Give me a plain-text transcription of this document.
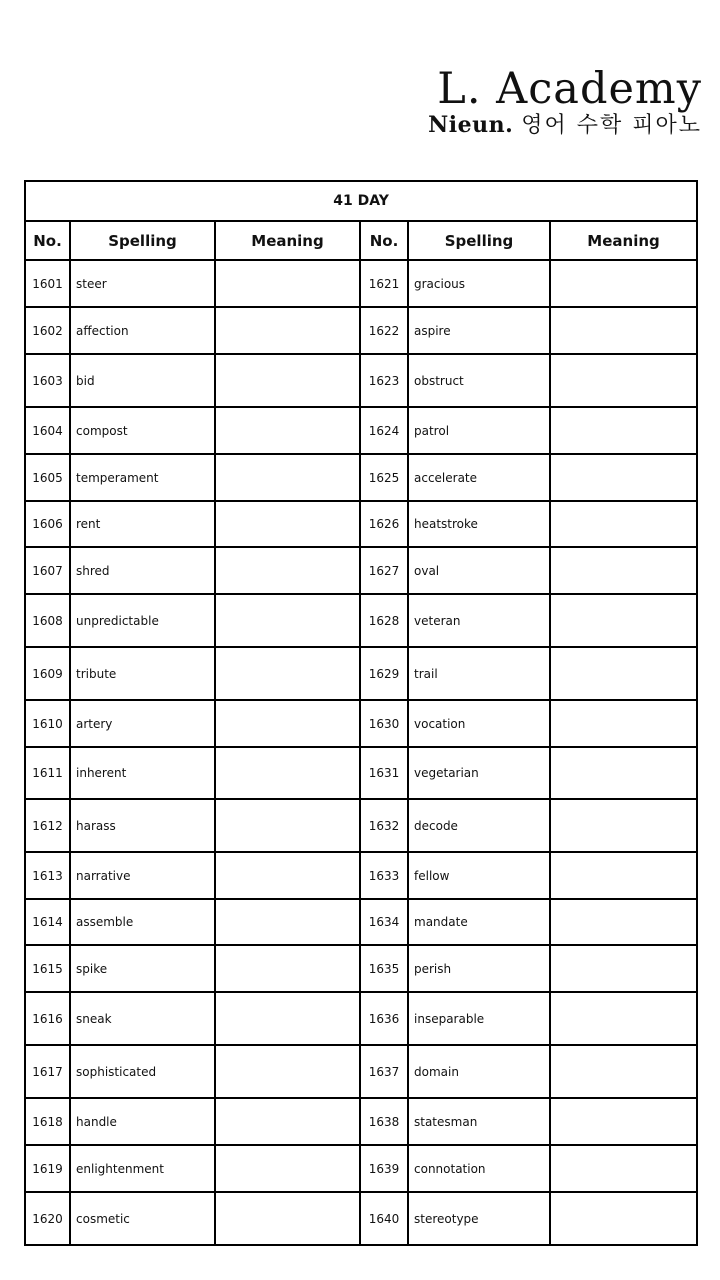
L. Academy
Nieun. 영어 수학 피아노
41 DAY					
No.	Spelling	Meaning	No.	Spelling	Meaning
1601	steer		1621	gracious	
1602	affection		1622	aspire	
1603	bid		1623	obstruct	
1604	compost		1624	patrol	
1605	temperament		1625	accelerate	
1606	rent		1626	heatstroke	
1607	shred		1627	oval	
1608	unpredictable		1628	veteran	
1609	tribute		1629	trail	
1610	artery		1630	vocation	
1611	inherent		1631	vegetarian	
1612	harass		1632	decode	
1613	narrative		1633	fellow	
1614	assemble		1634	mandate	
1615	spike		1635	perish	
1616	sneak		1636	inseparable	
1617	sophisticated		1637	domain	
1618	handle		1638	statesman	
1619	enlightenment		1639	connotation	
1620	cosmetic		1640	stereotype	
